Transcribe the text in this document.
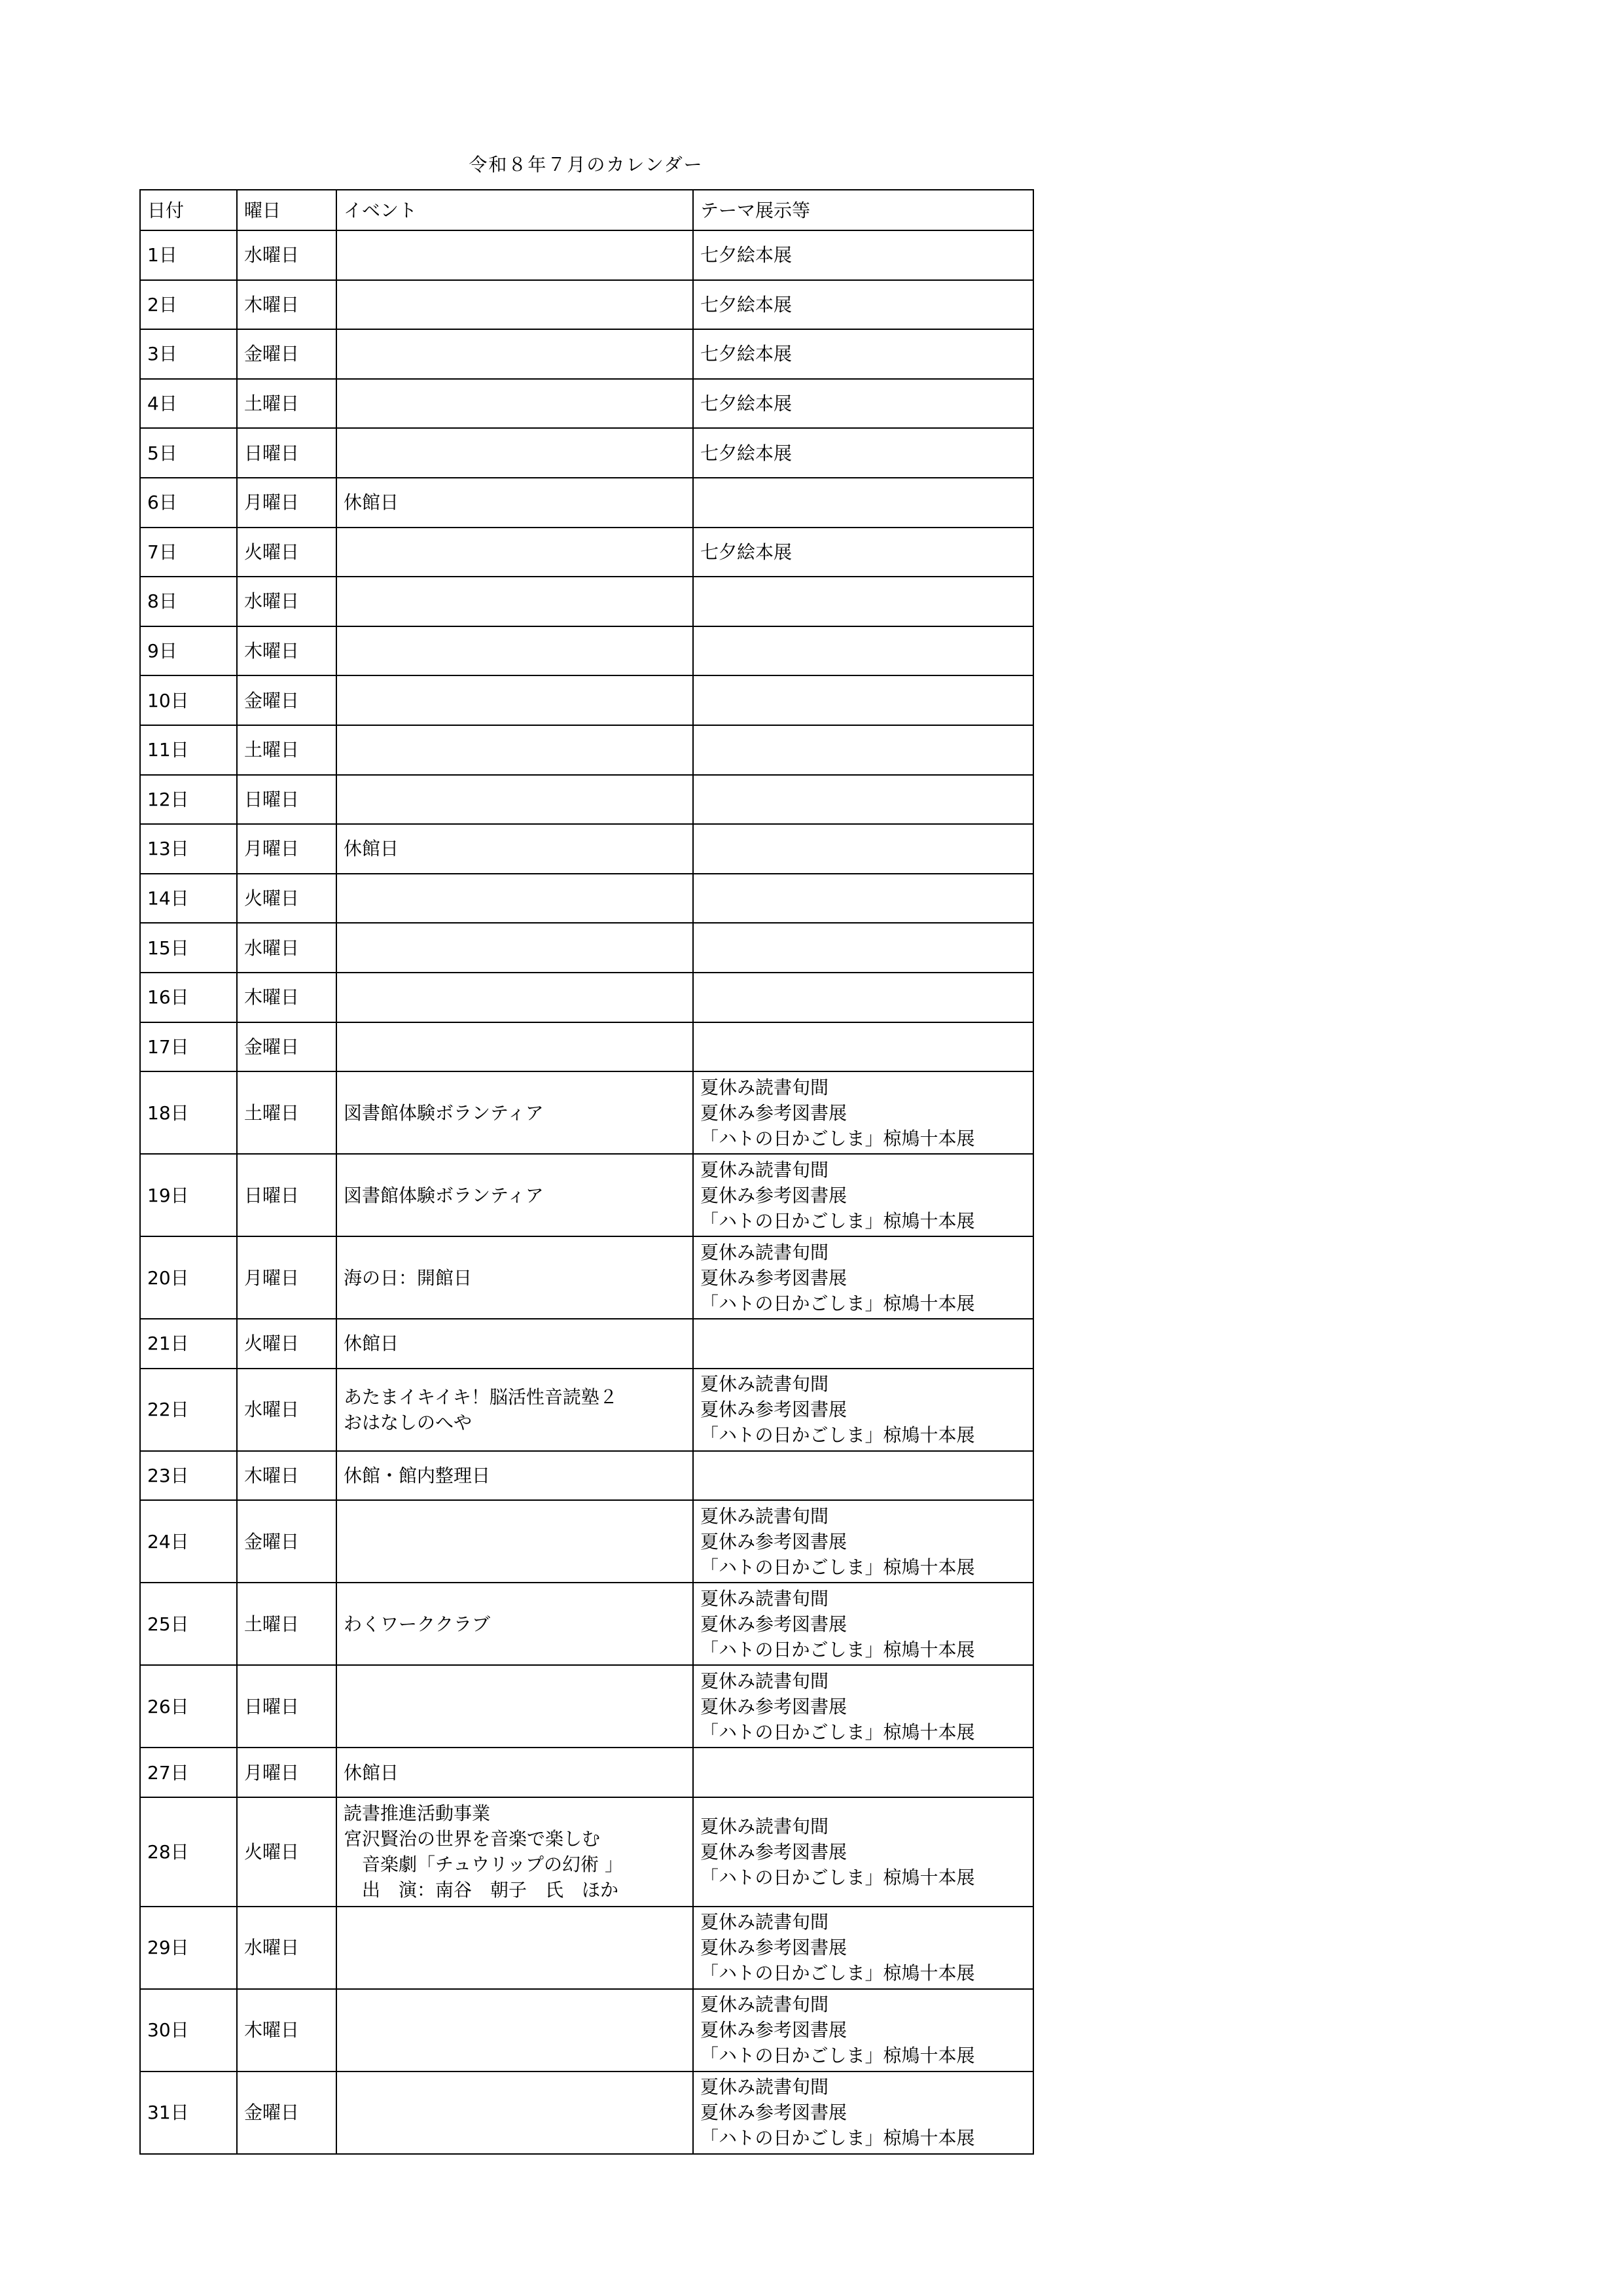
令和８年７月のカレンダー
日付	曜日	イベント	テーマ展示等
1日	水曜日		七夕絵本展

2日	木曜日		七夕絵本展

3日	金曜日		七夕絵本展

4日	土曜日		七夕絵本展

5日	日曜日		七夕絵本展

6日	月曜日	休館日	

7日	火曜日		七夕絵本展

8日	水曜日		
9日	木曜日		
10日	金曜日		
11日	土曜日		
12日	日曜日		
13日	月曜日	休館日	

14日	火曜日		
15日	水曜日		
16日	木曜日		
17日	金曜日		
18日	土曜日	図書館体験ボランティア	夏休み読書旬間
夏休み参考図書展
「ハトの日かごしま」椋鳩十本展

19日	日曜日	図書館体験ボランティア	夏休み読書旬間
夏休み参考図書展
「ハトの日かごしま」椋鳩十本展

20日	月曜日	海の日：開館日	夏休み読書旬間
夏休み参考図書展
「ハトの日かごしま」椋鳩十本展

21日	火曜日	休館日	

22日	水曜日	あたまイキイキ！脳活性音読塾２
おはなしのへや	夏休み読書旬間
夏休み参考図書展
「ハトの日かごしま」椋鳩十本展

23日	木曜日	休館・館内整理日	

24日	金曜日		夏休み読書旬間
夏休み参考図書展
「ハトの日かごしま」椋鳩十本展

25日	土曜日	わくワーククラブ	夏休み読書旬間
夏休み参考図書展
「ハトの日かごしま」椋鳩十本展

26日	日曜日		夏休み読書旬間
夏休み参考図書展
「ハトの日かごしま」椋鳩十本展

27日	月曜日	休館日	

28日	火曜日	読書推進活動事業
宮沢賢治の世界を音楽で楽しむ
音楽劇「チュウリップの幻術 」
出　演：南谷　朝子　氏　ほか	夏休み読書旬間
夏休み参考図書展
「ハトの日かごしま」椋鳩十本展

29日	水曜日		夏休み読書旬間
夏休み参考図書展
「ハトの日かごしま」椋鳩十本展

30日	木曜日		夏休み読書旬間
夏休み参考図書展
「ハトの日かごしま」椋鳩十本展

31日	金曜日		夏休み読書旬間
夏休み参考図書展
「ハトの日かごしま」椋鳩十本展
